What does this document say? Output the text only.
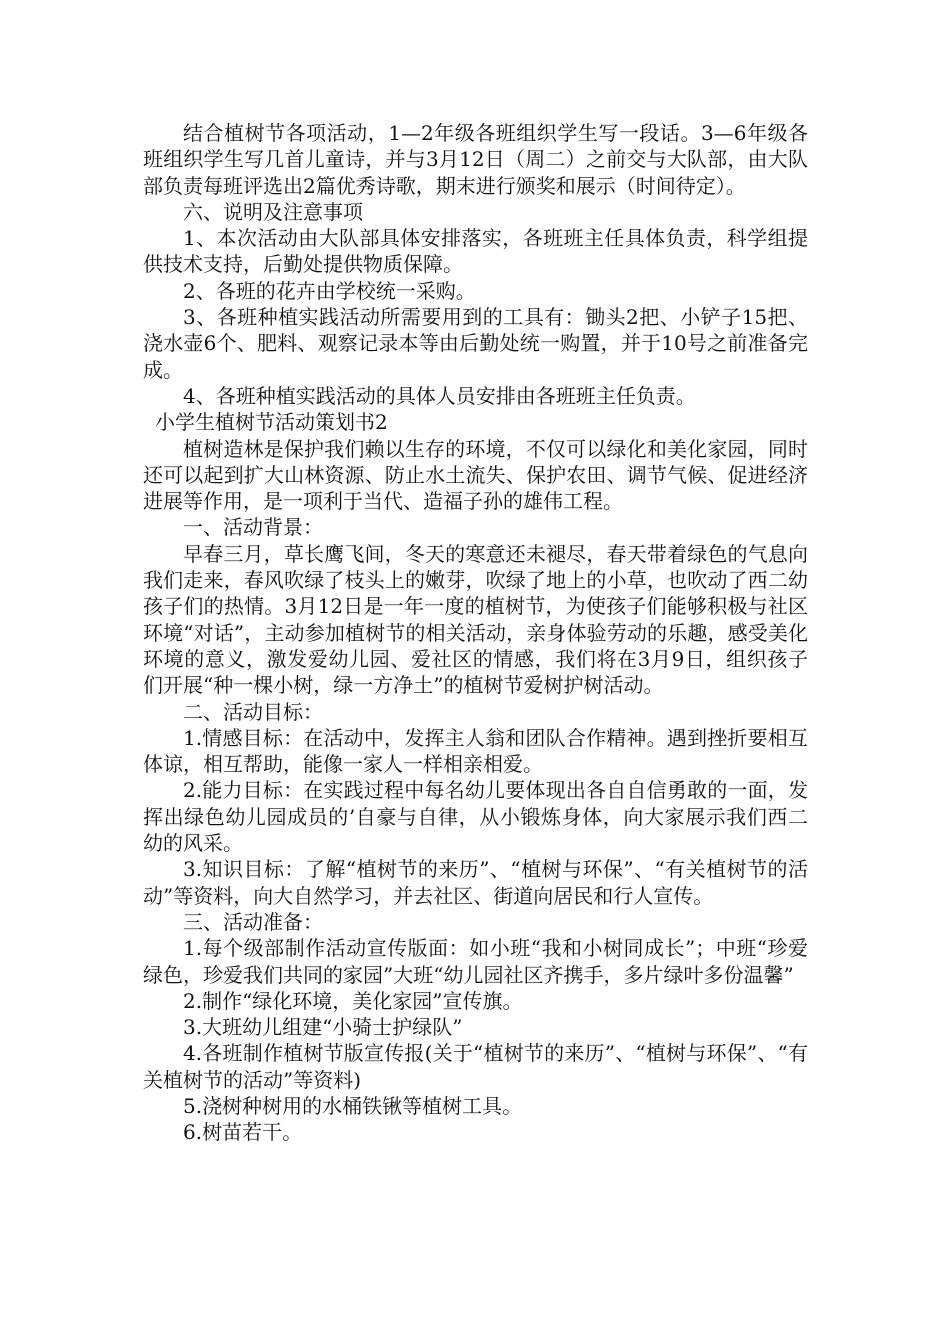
结合植树节各项活动，1—2年级各班组织学生写一段话。3—6年级各班组织学生写几首儿童诗，并与3月12日（周二）之前交与大队部，由大队部负责每班评选出2篇优秀诗歌，期末进行颁奖和展示（时间待定）。

六、说明及注意事项

1、本次活动由大队部具体安排落实，各班班主任具体负责，科学组提供技术支持，后勤处提供物质保障。

2、各班的花卉由学校统一采购。

3、各班种植实践活动所需要用到的工具有：锄头2把、小铲子15把、浇水壶6个、肥料、观察记录本等由后勤处统一购置，并于10号之前准备完成。

4、各班种植实践活动的具体人员安排由各班班主任负责。

小学生植树节活动策划书2

植树造林是保护我们赖以生存的环境，不仅可以绿化和美化家园，同时还可以起到扩大山林资源、防止水土流失、保护农田、调节气候、促进经济进展等作用，是一项利于当代、造福子孙的雄伟工程。

一、活动背景：

早春三月，草长鹰飞间，冬天的寒意还未褪尽，春天带着绿色的气息向我们走来，春风吹绿了枝头上的嫩芽，吹绿了地上的小草，也吹动了西二幼孩子们的热情。3月12日是一年一度的植树节，为使孩子们能够积极与社区环境“对话”，主动参加植树节的相关活动，亲身体验劳动的乐趣，感受美化环境的意义，激发爱幼儿园、爱社区的情感，我们将在3月9日，组织孩子们开展“种一棵小树，绿一方净土”的植树节爱树护树活动。

二、活动目标：

1.情感目标：在活动中，发挥主人翁和团队合作精神。遇到挫折要相互体谅，相互帮助，能像一家人一样相亲相爱。

2.能力目标：在实践过程中每名幼儿要体现出各自自信勇敢的一面，发挥出绿色幼儿园成员的’自豪与自律，从小锻炼身体，向大家展示我们西二幼的风采。

3.知识目标：了解“植树节的来历”、“植树与环保”、“有关植树节的活动”等资料，向大自然学习，并去社区、街道向居民和行人宣传。

三、活动准备：

1.每个级部制作活动宣传版面：如小班“我和小树同成长”；中班“珍爱绿色，珍爱我们共同的家园”大班“幼儿园社区齐携手，多片绿叶多份温馨”

2.制作“绿化环境，美化家园”宣传旗。

3.大班幼儿组建“小骑士护绿队”

4.各班制作植树节版宣传报(关于“植树节的来历”、“植树与环保”、“有关植树节的活动”等资料)

5.浇树种树用的水桶铁锹等植树工具。

6.树苗若干。
